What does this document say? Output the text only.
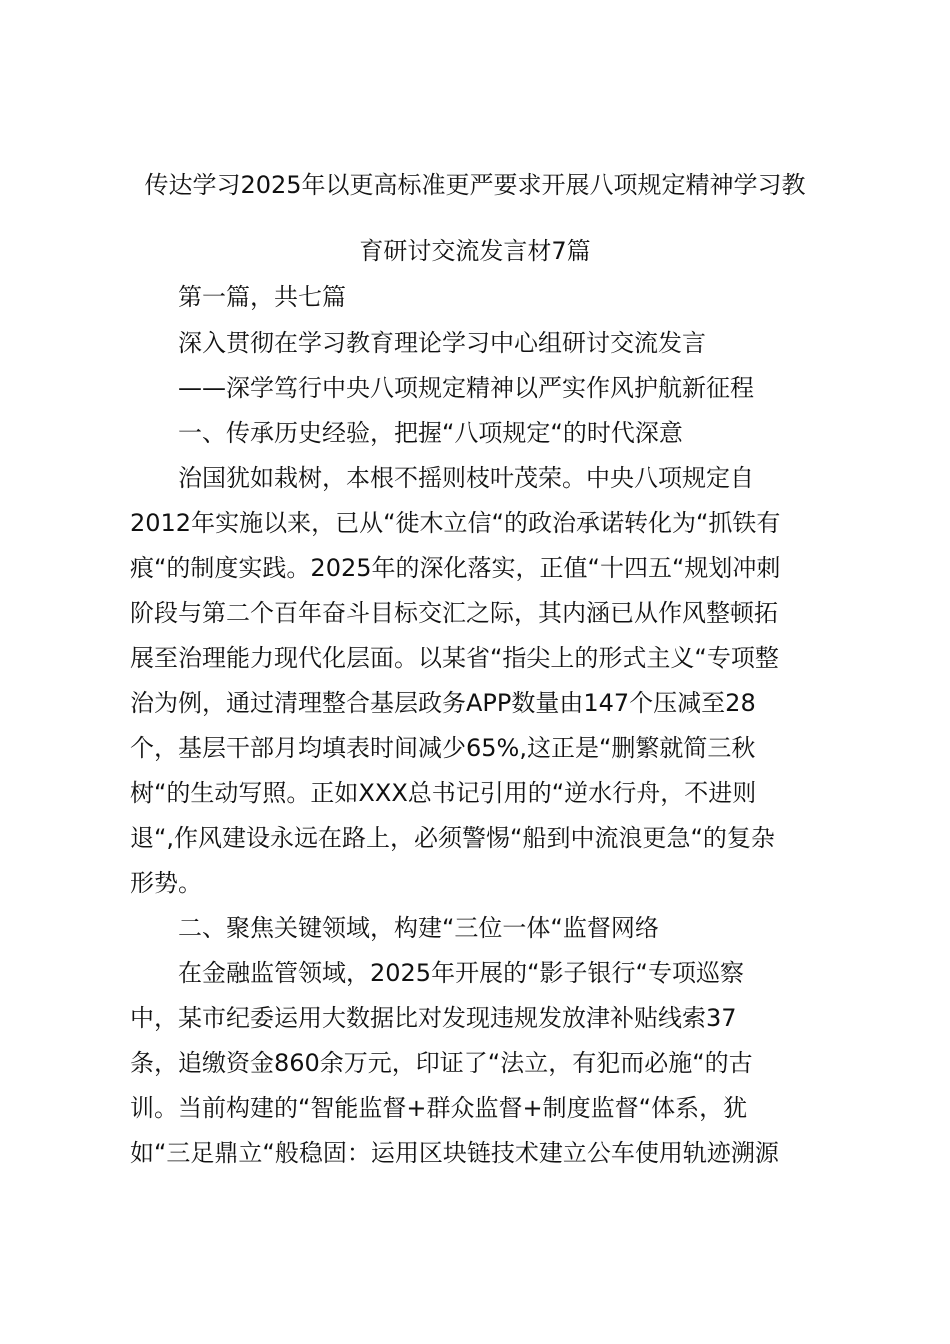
传达学习2025年以更高标准更严要求开展八项规定精神学习教
育研讨交流发言材7篇
第一篇，共七篇
深入贯彻在学习教育理论学习中心组研讨交流发言
——深学笃行中央八项规定精神以严实作风护航新征程
一、传承历史经验，把握“八项规定“的时代深意
治国犹如栽树，本根不摇则枝叶茂荣。中央八项规定自
2012年实施以来，已从“徙木立信“的政治承诺转化为“抓铁有
痕“的制度实践。2025年的深化落实，正值“十四五“规划冲刺
阶段与第二个百年奋斗目标交汇之际，其内涵已从作风整顿拓
展至治理能力现代化层面。以某省“指尖上的形式主义“专项整
治为例，通过清理整合基层政务APP数量由147个压减至28
个，基层干部月均填表时间减少65%,这正是“删繁就简三秋
树“的生动写照。正如XXX总书记引用的“逆水行舟，不进则
退“,作风建设永远在路上，必须警惕“船到中流浪更急“的复杂
形势。
二、聚焦关键领域，构建“三位一体“监督网络
在金融监管领域，2025年开展的“影子银行“专项巡察
中，某市纪委运用大数据比对发现违规发放津补贴线索37
条，追缴资金860余万元，印证了“法立，有犯而必施“的古
训。当前构建的“智能监督+群众监督+制度监督“体系，犹
如“三足鼎立“般稳固：运用区块链技术建立公车使用轨迹溯源
